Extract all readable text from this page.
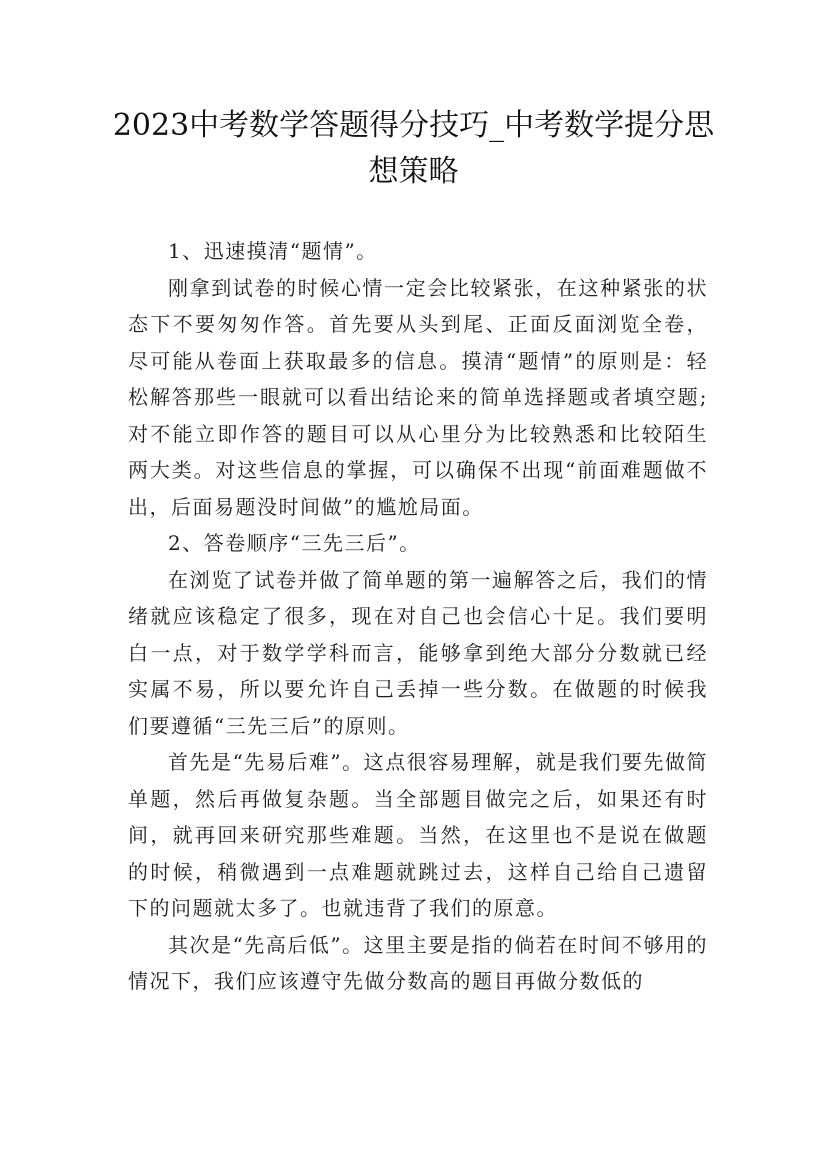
2023中考数学答题得分技巧_中考数学提分思想策略

1、迅速摸清“题情”。

刚拿到试卷的时候心情一定会比较紧张，在这种紧张的状态下不要匆匆作答。首先要从头到尾、正面反面浏览全卷，尽可能从卷面上获取最多的信息。摸清“题情”的原则是：轻松解答那些一眼就可以看出结论来的简单选择题或者填空题;对不能立即作答的题目可以从心里分为比较熟悉和比较陌生两大类。对这些信息的掌握，可以确保不出现“前面难题做不出，后面易题没时间做”的尴尬局面。

2、答卷顺序“三先三后”。

在浏览了试卷并做了简单题的第一遍解答之后，我们的情绪就应该稳定了很多，现在对自己也会信心十足。我们要明白一点，对于数学学科而言，能够拿到绝大部分分数就已经实属不易，所以要允许自己丢掉一些分数。在做题的时候我们要遵循“三先三后”的原则。

首先是“先易后难”。这点很容易理解，就是我们要先做简单题，然后再做复杂题。当全部题目做完之后，如果还有时间，就再回来研究那些难题。当然，在这里也不是说在做题的时候，稍微遇到一点难题就跳过去，这样自己给自己遗留下的问题就太多了。也就违背了我们的原意。

其次是“先高后低”。这里主要是指的倘若在时间不够用的情况下，我们应该遵守先做分数高的题目再做分数低的
